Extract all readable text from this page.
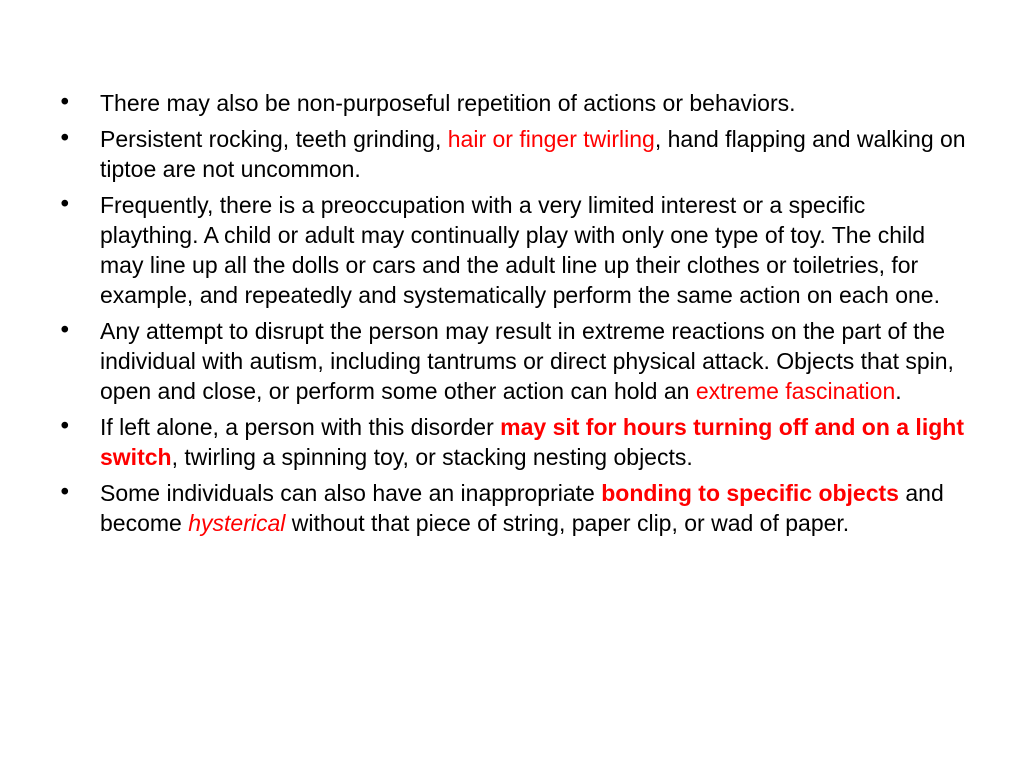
•	There may also be non-purposeful repetition of actions or behaviors.
•	Persistent rocking, teeth grinding, hair or finger twirling, hand flapping and walking on tiptoe are not uncommon.
•	Frequently, there is a preoccupation with a very limited interest or a specific plaything. A child or adult may continually play with only one type of toy. The child may line up all the dolls or cars and the adult line up their clothes or toiletries, for example, and repeatedly and systematically perform the same action on each one.
•	Any attempt to disrupt the person may result in extreme reactions on the part of the individual with autism, including tantrums or direct physical attack. Objects that spin, open and close, or perform some other action can hold an extreme fascination.
•	If left alone, a person with this disorder may sit for hours turning off and on a light switch, twirling a spinning toy, or stacking nesting objects.
•	Some individuals can also have an inappropriate bonding to specific objects and become hysterical without that piece of string, paper clip, or wad of paper.
